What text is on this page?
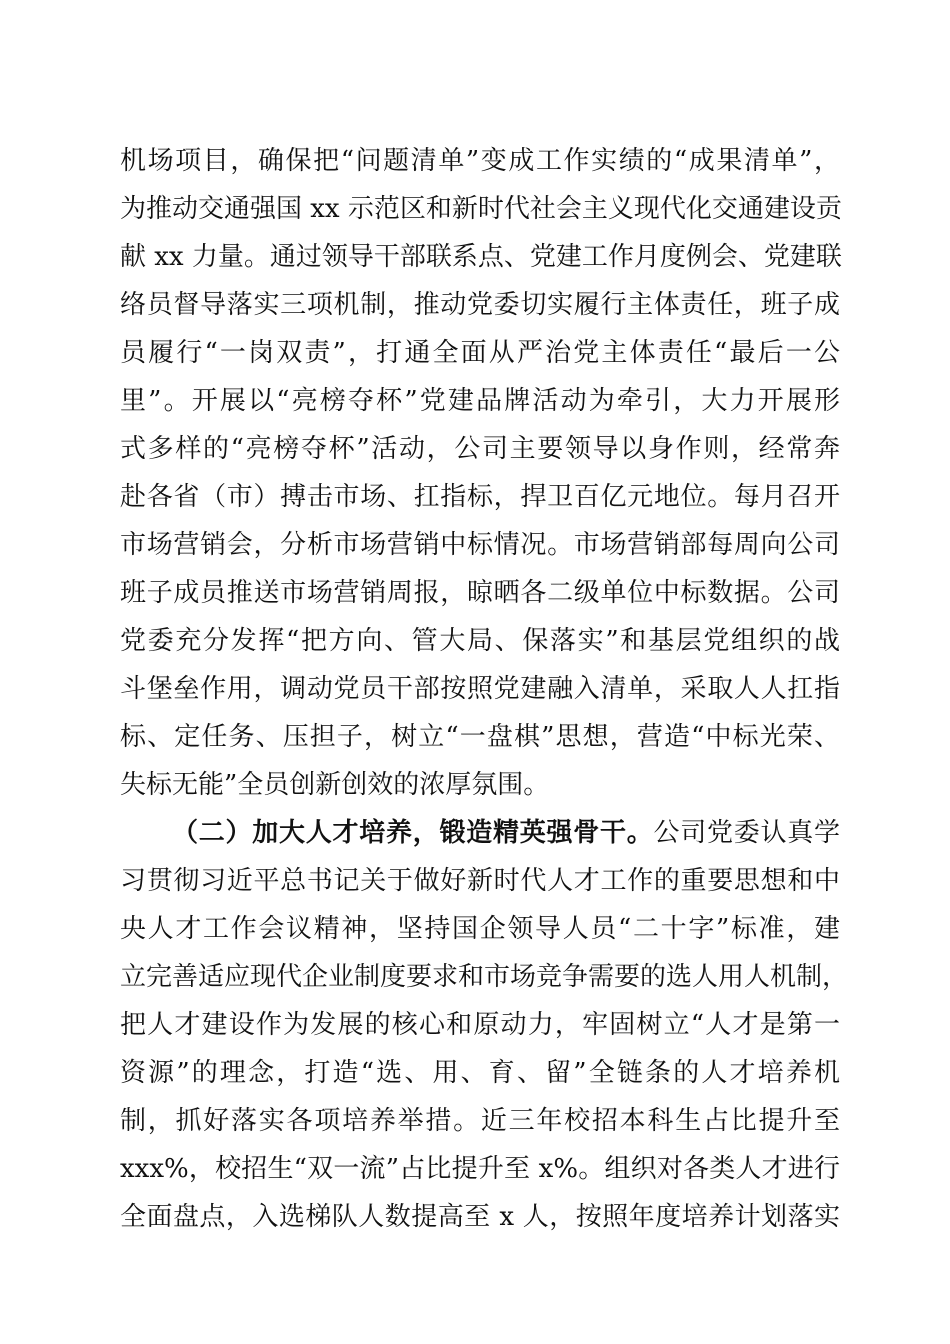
机场项目，确保把“问题清单”变成工作实绩的“成果清单”，
为推动交通强国 xx 示范区和新时代社会主义现代化交通建设贡
献 xx 力量。通过领导干部联系点、党建工作月度例会、党建联
络员督导落实三项机制，推动党委切实履行主体责任，班子成
员履行“一岗双责”，打通全面从严治党主体责任“最后一公
里”。开展以“亮榜夺杯”党建品牌活动为牵引，大力开展形
式多样的“亮榜夺杯”活动，公司主要领导以身作则，经常奔
赴各省（市）搏击市场、扛指标，捍卫百亿元地位。每月召开
市场营销会，分析市场营销中标情况。市场营销部每周向公司
班子成员推送市场营销周报，晾晒各二级单位中标数据。公司
党委充分发挥“把方向、管大局、保落实”和基层党组织的战
斗堡垒作用，调动党员干部按照党建融入清单，采取人人扛指
标、定任务、压担子，树立“一盘棋”思想，营造“中标光荣、
失标无能”全员创新创效的浓厚氛围。
（二）加大人才培养，锻造精英强骨干。公司党委认真学
习贯彻习近平总书记关于做好新时代人才工作的重要思想和中
央人才工作会议精神，坚持国企领导人员“二十字”标准，建
立完善适应现代企业制度要求和市场竞争需要的选人用人机制，
把人才建设作为发展的核心和原动力，牢固树立“人才是第一
资源”的理念，打造“选、用、育、留”全链条的人才培养机
制，抓好落实各项培养举措。近三年校招本科生占比提升至
xxx%，校招生“双一流”占比提升至 x%。组织对各类人才进行
全面盘点，入选梯队人数提高至 x 人，按照年度培养计划落实
